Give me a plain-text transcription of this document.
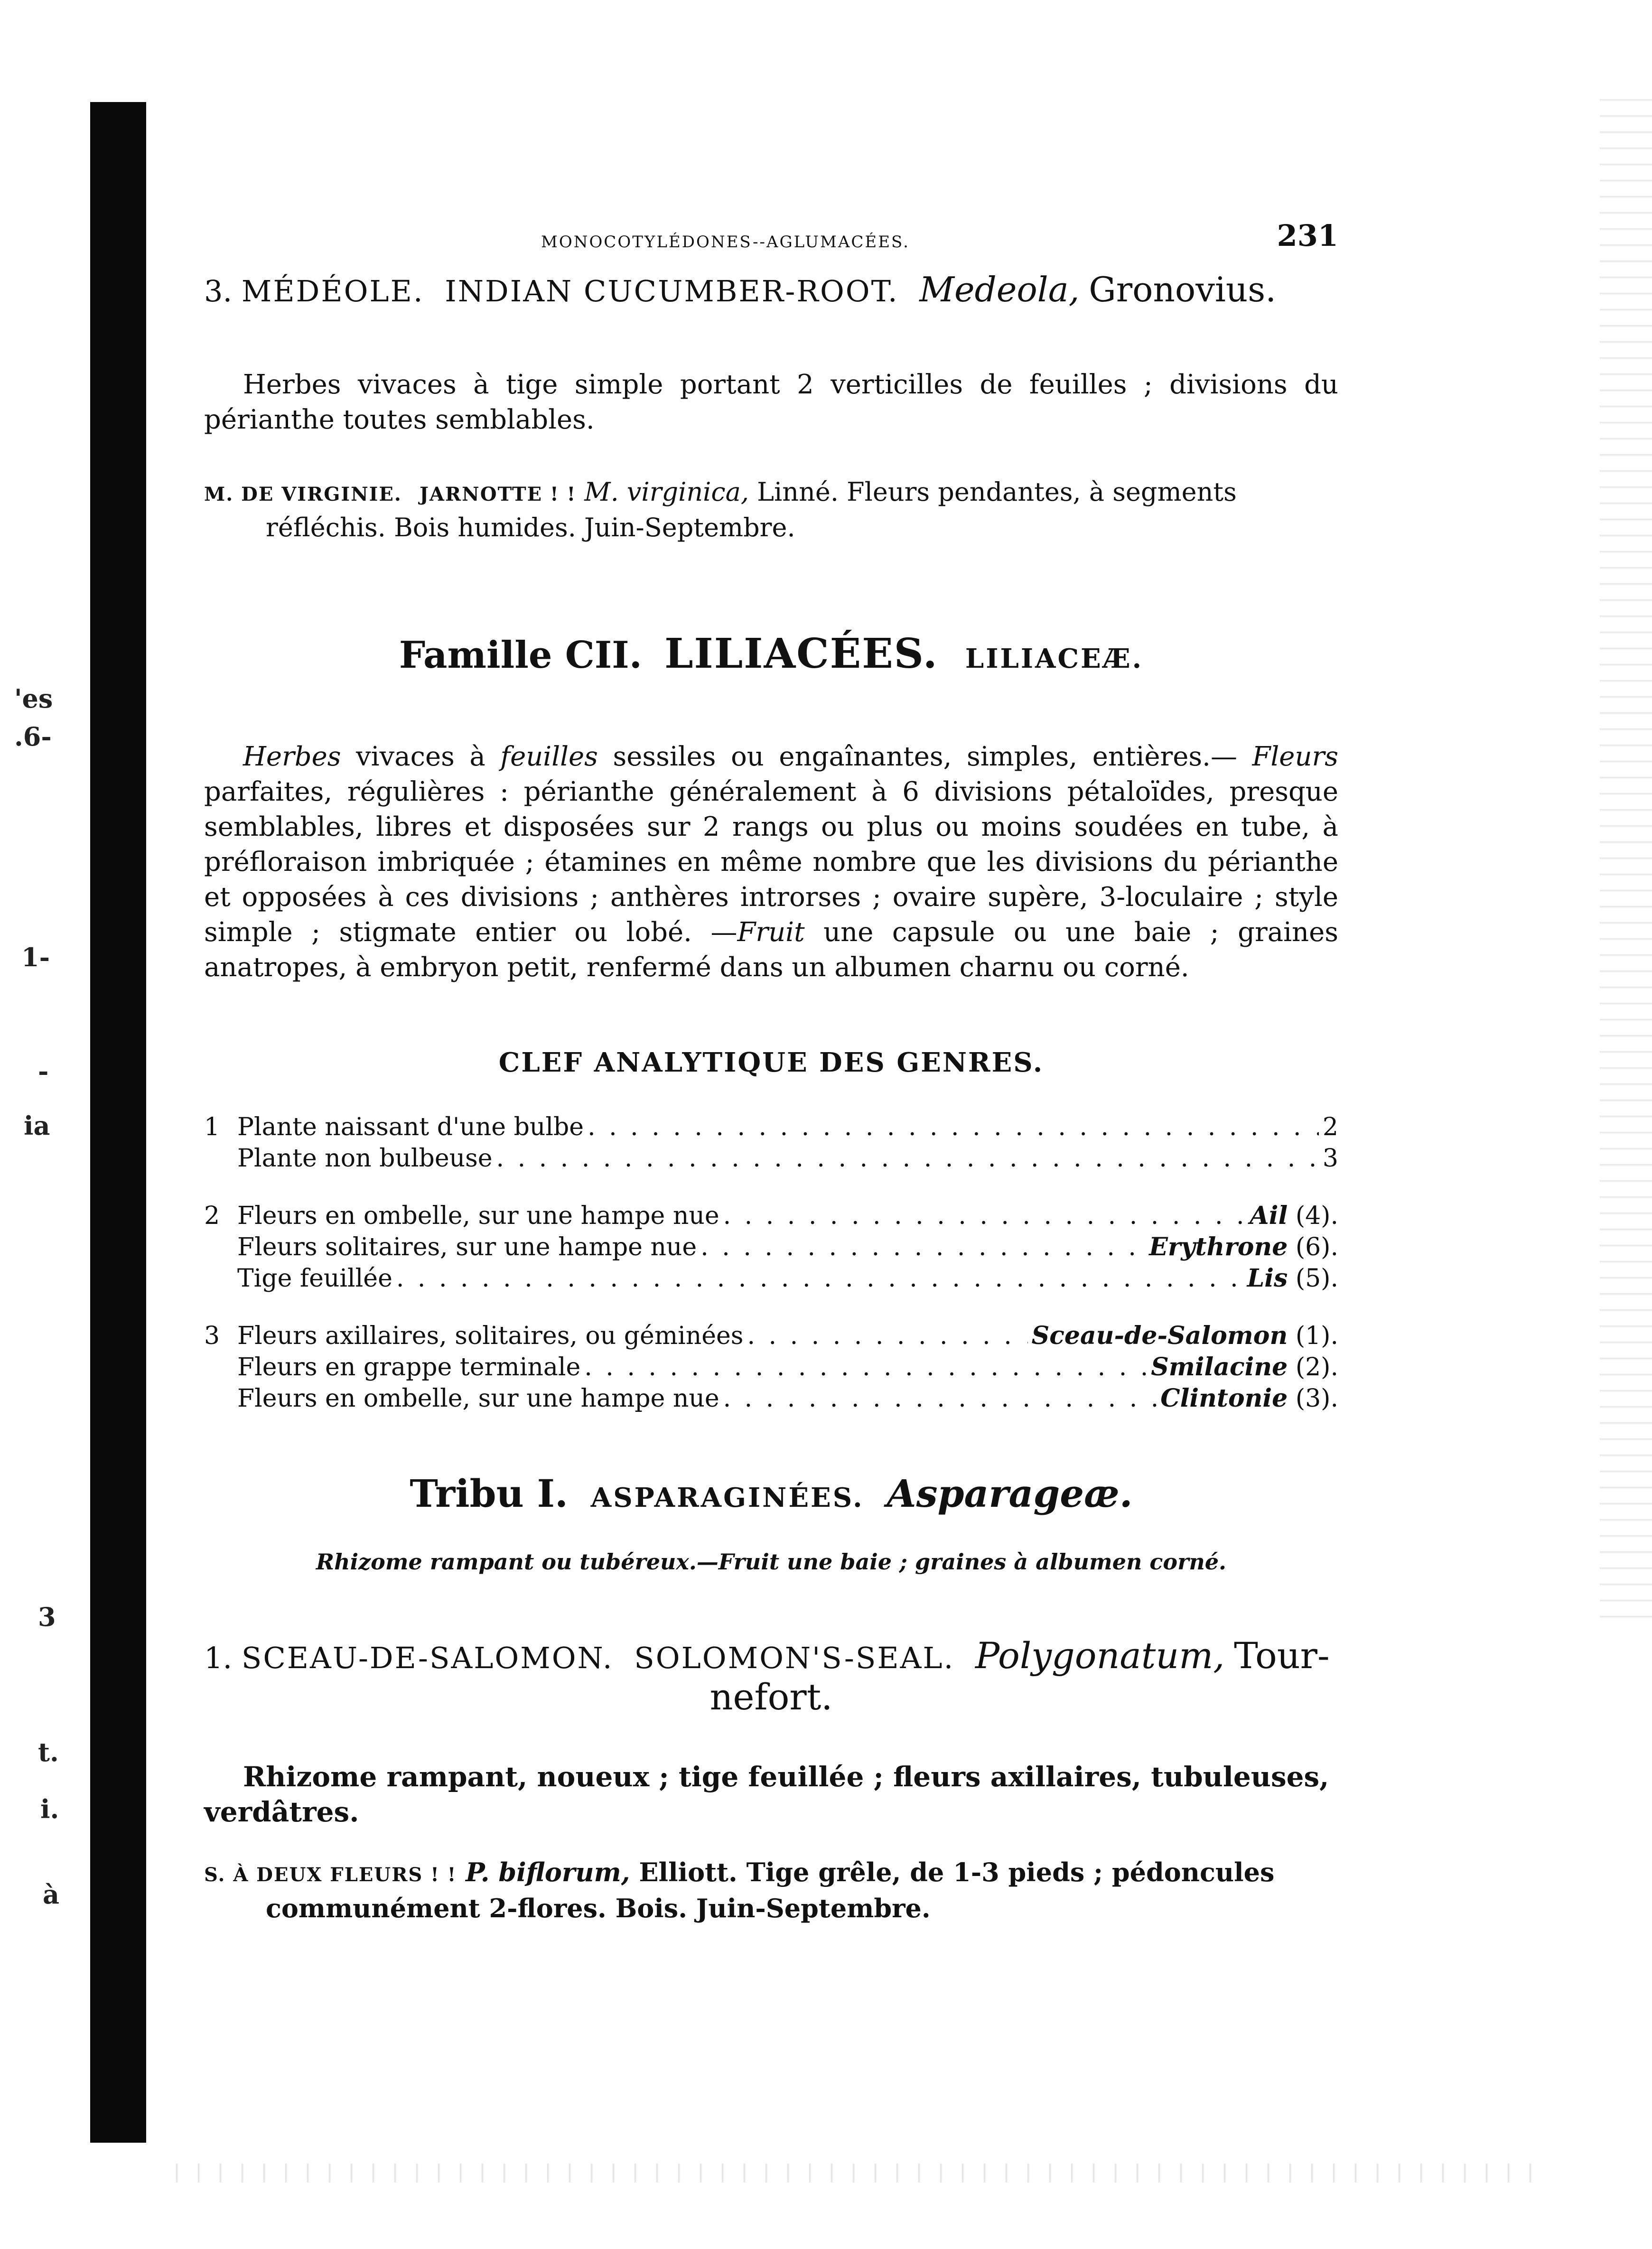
'es
.6-
1-
-
ia
3
t.
i.
à
MONOCOTYLÉDONES--AGLUMACÉES.	231
3. MÉDÉOLE. INDIAN CUCUMBER-ROOT. Medeola, Gronovius.

Herbes vivaces à tige simple portant 2 verticilles de feuilles ; divisions du périanthe toutes semblables.

M. DE VIRGINIE. JARNOTTE ! ! M. virginica, Linné. Fleurs pendantes, à segments réfléchis. Bois humides. Juin-Septembre.

Famille CII. LILIACÉES. LILIACEÆ.

Herbes vivaces à feuilles sessiles ou engaînantes, simples, entières.— Fleurs parfaites, régulières : périanthe généralement à 6 divisions pétaloïdes, presque semblables, libres et disposées sur 2 rangs ou plus ou moins soudées en tube, à préfloraison imbriquée ; étamines en même nombre que les divisions du périanthe et opposées à ces divisions ; anthères introrses ; ovaire supère, 3-loculaire ; style simple ; stigmate entier ou lobé. —Fruit une capsule ou une baie ; graines anatropes, à embryon petit, renfermé dans un albumen charnu ou corné.

CLEF ANALYTIQUE DES GENRES.
1 Plante naissant d'une bulbe . . .	2
Plante non bulbeuse . . .	3
2 Fleurs en ombelle, sur une hampe nue . . .	Ail (4).
Fleurs solitaires, sur une hampe nue . . .	Erythrone (6).
Tige feuillée . . .	Lis (5).
3 Fleurs axillaires, solitaires, ou géminées . . .	Sceau-de-Salomon (1).
Fleurs en grappe terminale . . .	Smilacine (2).
Fleurs en ombelle, sur une hampe nue . . .	Clintonie (3).
Tribu I. ASPARAGINÉES. Asparageæ.

Rhizome rampant ou tubéreux.—Fruit une baie ; graines à albumen corné.

1. SCEAU-DE-SALOMON. SOLOMON'S-SEAL. Polygonatum, Tour-
nefort.

Rhizome rampant, noueux ; tige feuillée ; fleurs axillaires, tubuleuses, verdâtres.

S. À DEUX FLEURS ! ! P. biflorum, Elliott. Tige grêle, de 1-3 pieds ; pédoncules communément 2-flores. Bois. Juin-Septembre.
